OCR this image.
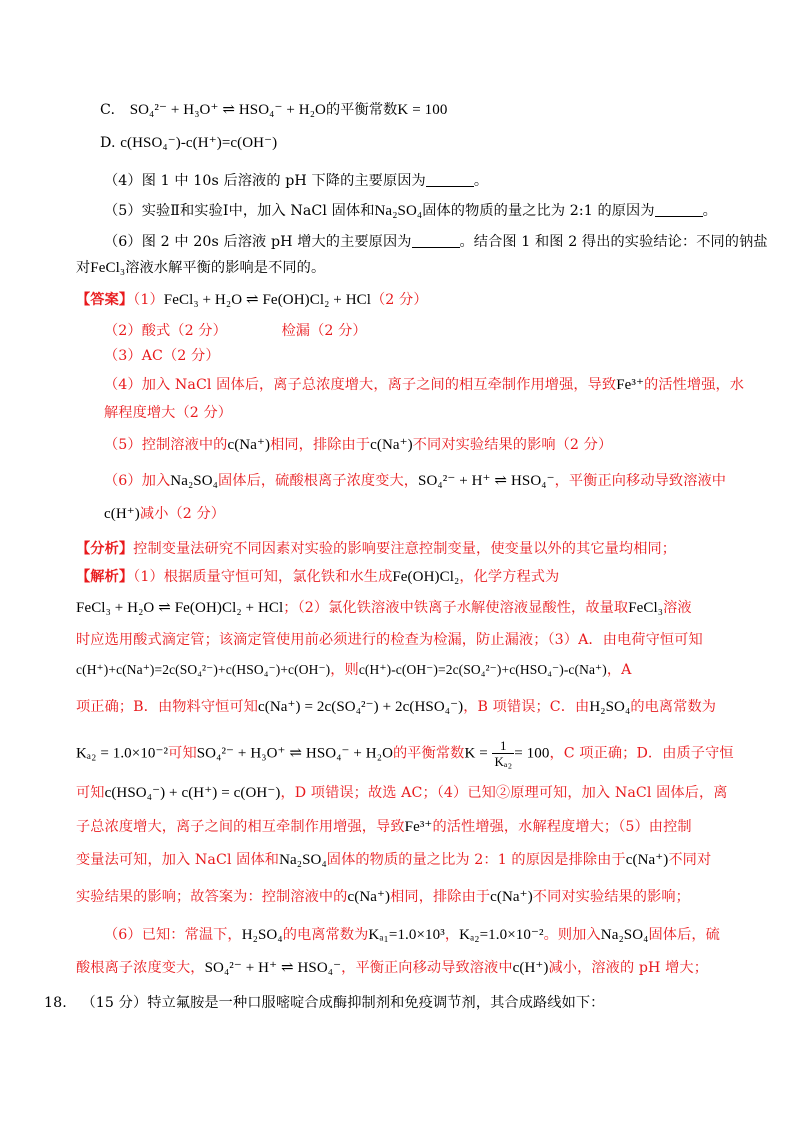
C. SO₄²⁻ + H₃O⁺ ⇌ HSO₄⁻ + H₂O的平衡常数K = 100
D. c(HSO₄⁻)-c(H⁺)=c(OH⁻)
（4）图 1 中 10s 后溶液的 pH 下降的主要原因为	。
（5）实验Ⅱ和实验Ⅰ中，加入 NaCl 固体和Na₂SO₄固体的物质的量之比为 2:1 的原因为	。
（6）图 2 中 20s 后溶液 pH 增大的主要原因为	。结合图 1 和图 2 得出的实验结论：不同的钠盐
对FeCl₃溶液水解平衡的影响是不同的。
【答案】（1）FeCl₃ + H₂O ⇌ Fe(OH)Cl₂ + HCl（2 分）
（2）酸式（2 分）	检漏（2 分）
（3）AC（2 分）
（4）加入 NaCl 固体后，离子总浓度增大，离子之间的相互牵制作用增强，导致Fe³⁺的活性增强，水
解程度增大（2 分）
（5）控制溶液中的c(Na⁺)相同，排除由于c(Na⁺)不同对实验结果的影响（2 分）
（6）加入Na₂SO₄固体后，硫酸根离子浓度变大，SO₄²⁻ + H⁺ ⇌ HSO₄⁻，平衡正向移动导致溶液中
c(H⁺)减小（2 分）
【分析】控制变量法研究不同因素对实验的影响要注意控制变量，使变量以外的其它量均相同；
【解析】（1）根据质量守恒可知，氯化铁和水生成Fe(OH)Cl₂，化学方程式为
FeCl₃ + H₂O ⇌ Fe(OH)Cl₂ + HCl；（2）氯化铁溶液中铁离子水解使溶液显酸性，故量取FeCl₃溶液
时应选用酸式滴定管；该滴定管使用前必须进行的检查为检漏，防止漏液；（3）A．由电荷守恒可知
c(H⁺)+c(Na⁺)=2c(SO₄²⁻)+c(HSO₄⁻)+c(OH⁻)，则c(H⁺)-c(OH⁻)=2c(SO₄²⁻)+c(HSO₄⁻)-c(Na⁺)，A
项正确；B．由物料守恒可知c(Na⁺) = 2c(SO₄²⁻) + 2c(HSO₄⁻)，B 项错误；C．由H₂SO₄的电离常数为
Kₐ₂ = 1.0×10⁻²可知SO₄²⁻ + H₃O⁺ ⇌ HSO₄⁻ + H₂O的平衡常数$K = \frac{1}{\text{Kₐ₂}} = 100$，C 项正确；D．由质子守恒
可知c(HSO₄⁻) + c(H⁺) = c(OH⁻)，D 项错误；故选 AC；（4）已知②原理可知，加入 NaCl 固体后，离
子总浓度增大，离子之间的相互牵制作用增强，导致Fe³⁺的活性增强，水解程度增大；（5）由控制
变量法可知，加入 NaCl 固体和Na₂SO₄固体的物质的量之比为 2：1 的原因是排除由于c(Na⁺)不同对
实验结果的影响；故答案为：控制溶液中的c(Na⁺)相同，排除由于c(Na⁺)不同对实验结果的影响；
（6）已知：常温下，H₂SO₄的电离常数为Kₐ₁=1.0×10³，Kₐ₂=1.0×10⁻²。则加入Na₂SO₄固体后，硫
酸根离子浓度变大，SO₄²⁻ + H⁺ ⇌ HSO₄⁻，平衡正向移动导致溶液中c(H⁺)减小，溶液的 pH 增大；
18. （15 分）特立氟胺是一种口服嘧啶合成酶抑制剂和免疫调节剂，其合成路线如下：
